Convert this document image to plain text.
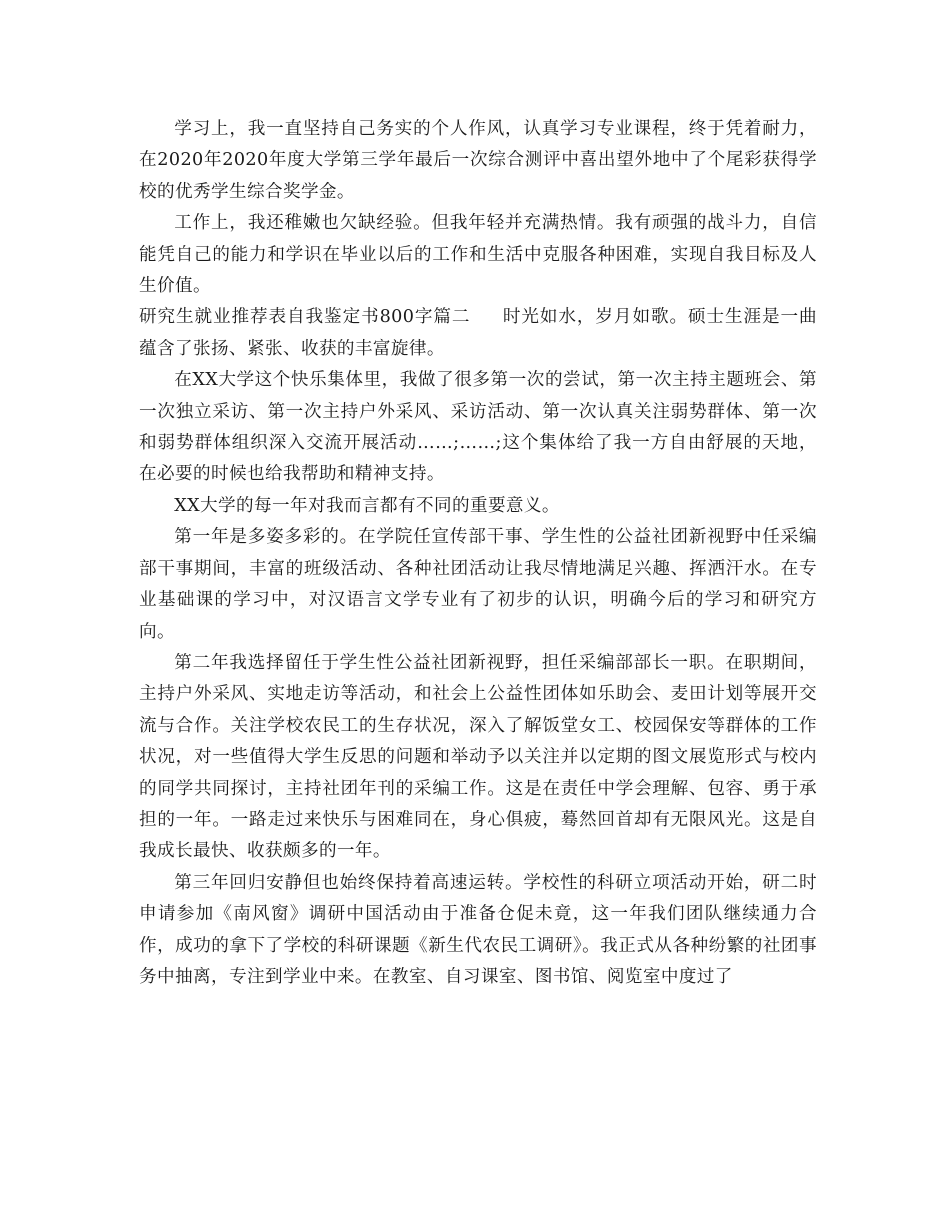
学习上，我一直坚持自己务实的个人作风，认真学习专业课程，终于凭着耐力，在2020年2020年度大学第三学年最后一次综合测评中喜出望外地中了个尾彩获得学校的优秀学生综合奖学金。

工作上，我还稚嫩也欠缺经验。但我年轻并充满热情。我有顽强的战斗力，自信能凭自己的能力和学识在毕业以后的工作和生活中克服各种困难，实现自我目标及人生价值。

研究生就业推荐表自我鉴定书800字篇二 时光如水，岁月如歌。硕士生涯是一曲蕴含了张扬、紧张、收获的丰富旋律。

在XX大学这个快乐集体里，我做了很多第一次的尝试，第一次主持主题班会、第一次独立采访、第一次主持户外采风、采访活动、第一次认真关注弱势群体、第一次和弱势群体组织深入交流开展活动……;……;这个集体给了我一方自由舒展的天地，在必要的时候也给我帮助和精神支持。

XX大学的每一年对我而言都有不同的重要意义。

第一年是多姿多彩的。在学院任宣传部干事、学生性的公益社团新视野中任采编部干事期间，丰富的班级活动、各种社团活动让我尽情地满足兴趣、挥洒汗水。在专业基础课的学习中，对汉语言文学专业有了初步的认识，明确今后的学习和研究方向。

第二年我选择留任于学生性公益社团新视野，担任采编部部长一职。在职期间，主持户外采风、实地走访等活动，和社会上公益性团体如乐助会、麦田计划等展开交流与合作。关注学校农民工的生存状况，深入了解饭堂女工、校园保安等群体的工作状况，对一些值得大学生反思的问题和举动予以关注并以定期的图文展览形式与校内的同学共同探讨，主持社团年刊的采编工作。这是在责任中学会理解、包容、勇于承担的一年。一路走过来快乐与困难同在，身心俱疲，蓦然回首却有无限风光。这是自我成长最快、收获颇多的一年。

第三年回归安静但也始终保持着高速运转。学校性的科研立项活动开始，研二时申请参加《南风窗》调研中国活动由于准备仓促未竟，这一年我们团队继续通力合作，成功的拿下了学校的科研课题《新生代农民工调研》。我正式从各种纷繁的社团事务中抽离，专注到学业中来。在教室、自习课室、图书馆、阅览室中度过了
